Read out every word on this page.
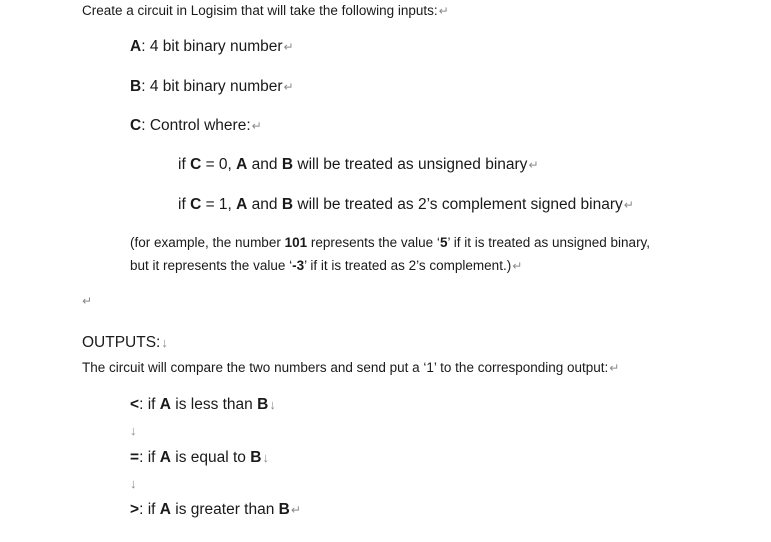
Create a circuit in Logisim that will take the following inputs:↵
A: 4 bit binary number↵
B: 4 bit binary number↵
C: Control where:↵
if C = 0, A and B will be treated as unsigned binary↵
if C = 1, A and B will be treated as 2’s complement signed binary↵
(for example, the number 101 represents the value ‘5’ if it is treated as unsigned binary,
but it represents the value ‘-3’ if it is treated as 2’s complement.)↵
↵
OUTPUTS:↓
The circuit will compare the two numbers and send put a ‘1’ to the corresponding output:↵
<: if A is less than B↓
↓
=: if A is equal to B↓
↓
>: if A is greater than B↵
